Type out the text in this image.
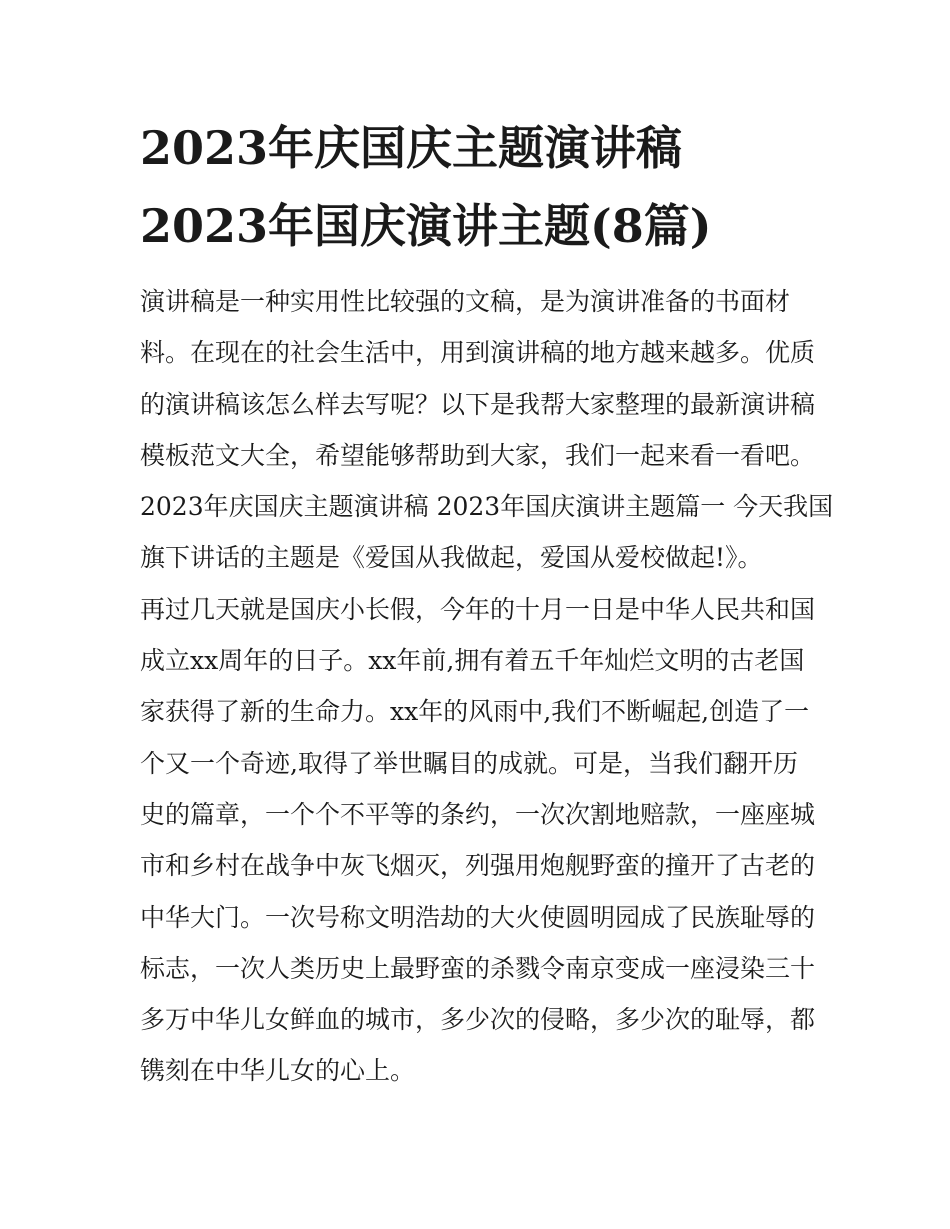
2023年庆国庆主题演讲稿
2023年国庆演讲主题(8篇)
演讲稿是一种实用性比较强的文稿，是为演讲准备的书面材
料。在现在的社会生活中，用到演讲稿的地方越来越多。优质
的演讲稿该怎么样去写呢？以下是我帮大家整理的最新演讲稿
模板范文大全，希望能够帮助到大家，我们一起来看一看吧。
2023年庆国庆主题演讲稿 2023年国庆演讲主题篇一 今天我国
旗下讲话的主题是《爱国从我做起，爱国从爱校做起!》。
再过几天就是国庆小长假，今年的十月一日是中华人民共和国
成立xx周年的日子。xx年前,拥有着五千年灿烂文明的古老国
家获得了新的生命力。xx年的风雨中,我们不断崛起,创造了一
个又一个奇迹,取得了举世瞩目的成就。可是，当我们翻开历
史的篇章，一个个不平等的条约，一次次割地赔款，一座座城
市和乡村在战争中灰飞烟灭，列强用炮舰野蛮的撞开了古老的
中华大门。一次号称文明浩劫的大火使圆明园成了民族耻辱的
标志，一次人类历史上最野蛮的杀戮令南京变成一座浸染三十
多万中华儿女鲜血的城市，多少次的侵略，多少次的耻辱，都
镌刻在中华儿女的心上。
